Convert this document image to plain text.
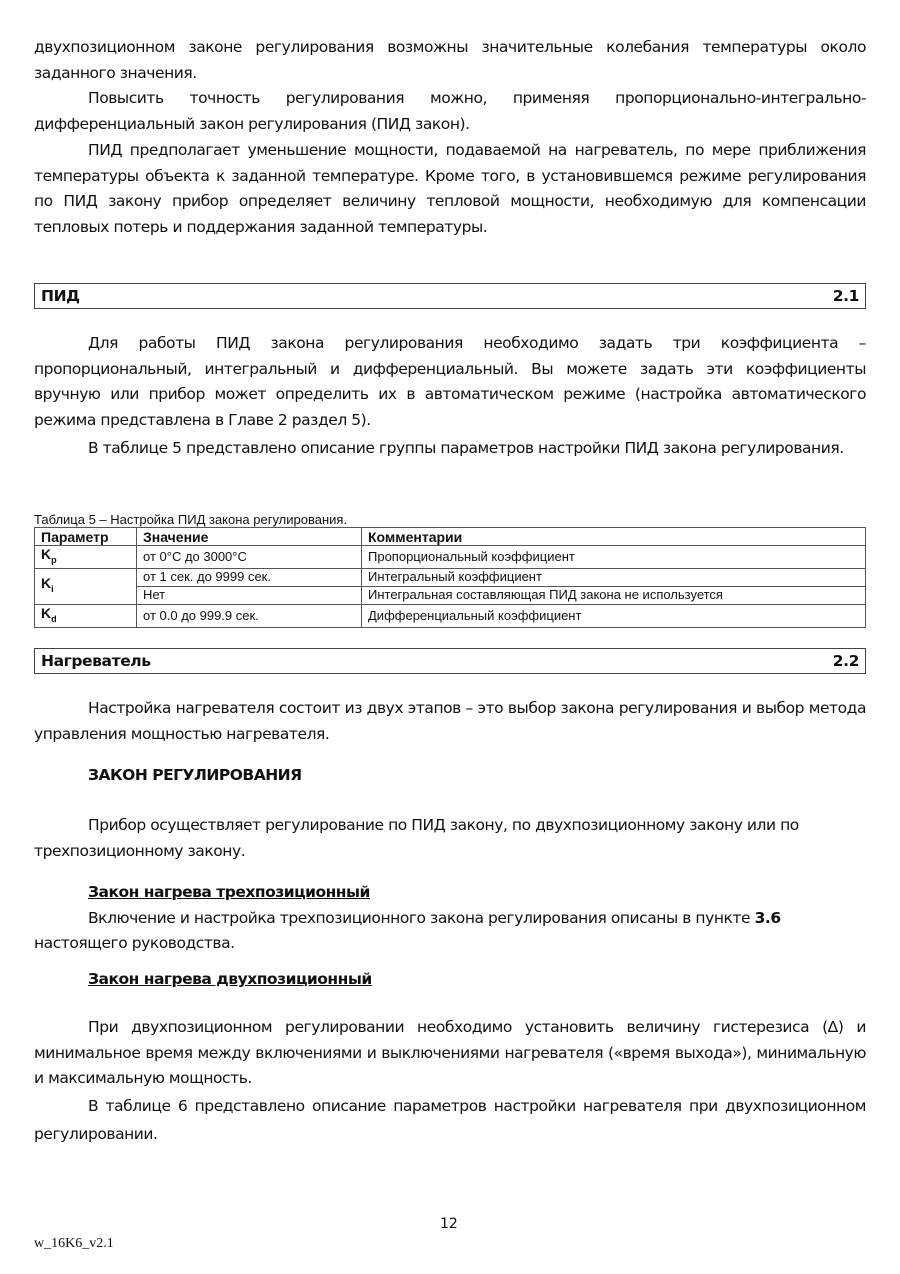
двухпозиционном законе регулирования возможны значительные колебания температуры около заданного значения.

Повысить точность регулирования можно, применяя пропорционально-интегрально-дифференциальный закон регулирования (ПИД закон).

ПИД предполагает уменьшение мощности, подаваемой на нагреватель, по мере приближения температуры объекта к заданной температуре. Кроме того, в установившемся режиме регулирования по ПИД закону прибор определяет величину тепловой мощности, необходимую для компенсации тепловых потерь и поддержания заданной температуры.

ПИД	2.1

Для работы ПИД закона регулирования необходимо задать три коэффициента – пропорциональный, интегральный и дифференциальный. Вы можете задать эти коэффициенты вручную или прибор может определить их в автоматическом режиме (настройка автоматического режима представлена в Главе 2 раздел 5).

В таблице 5 представлено описание группы параметров настройки ПИД закона регулирования.

Таблица 5 – Настройка ПИД закона регулирования.
Параметр	Значение	Комментарии
$K_p$	от 0°С до 3000°С	Пропорциональный коэффициент
$K_i$	от 1 сек. до 9999 сек.	Интегральный коэффициент
	Нет	Интегральная составляющая ПИД закона не используется
$K_d$	от 0.0 до 999.9 сек.	Дифференциальный коэффициент
Нагреватель	2.2

Настройка нагревателя состоит из двух этапов – это выбор закона регулирования и выбор метода управления мощностью нагревателя.

ЗАКОН РЕГУЛИРОВАНИЯ

Прибор осуществляет регулирование по ПИД закону, по двухпозиционному закону или по трехпозиционному закону.

Закон нагрева трехпозиционный

Включение и настройка трехпозиционного закона регулирования описаны в пункте 3.6 настоящего руководства.

Закон нагрева двухпозиционный

При двухпозиционном регулировании необходимо установить величину гистерезиса (Δ) и минимальное время между включениями и выключениями нагревателя («время выхода»), минимальную и максимальную мощность.

В таблице 6 представлено описание параметров настройки нагревателя при двухпозиционном регулировании.

12
w_16K6_v2.1
